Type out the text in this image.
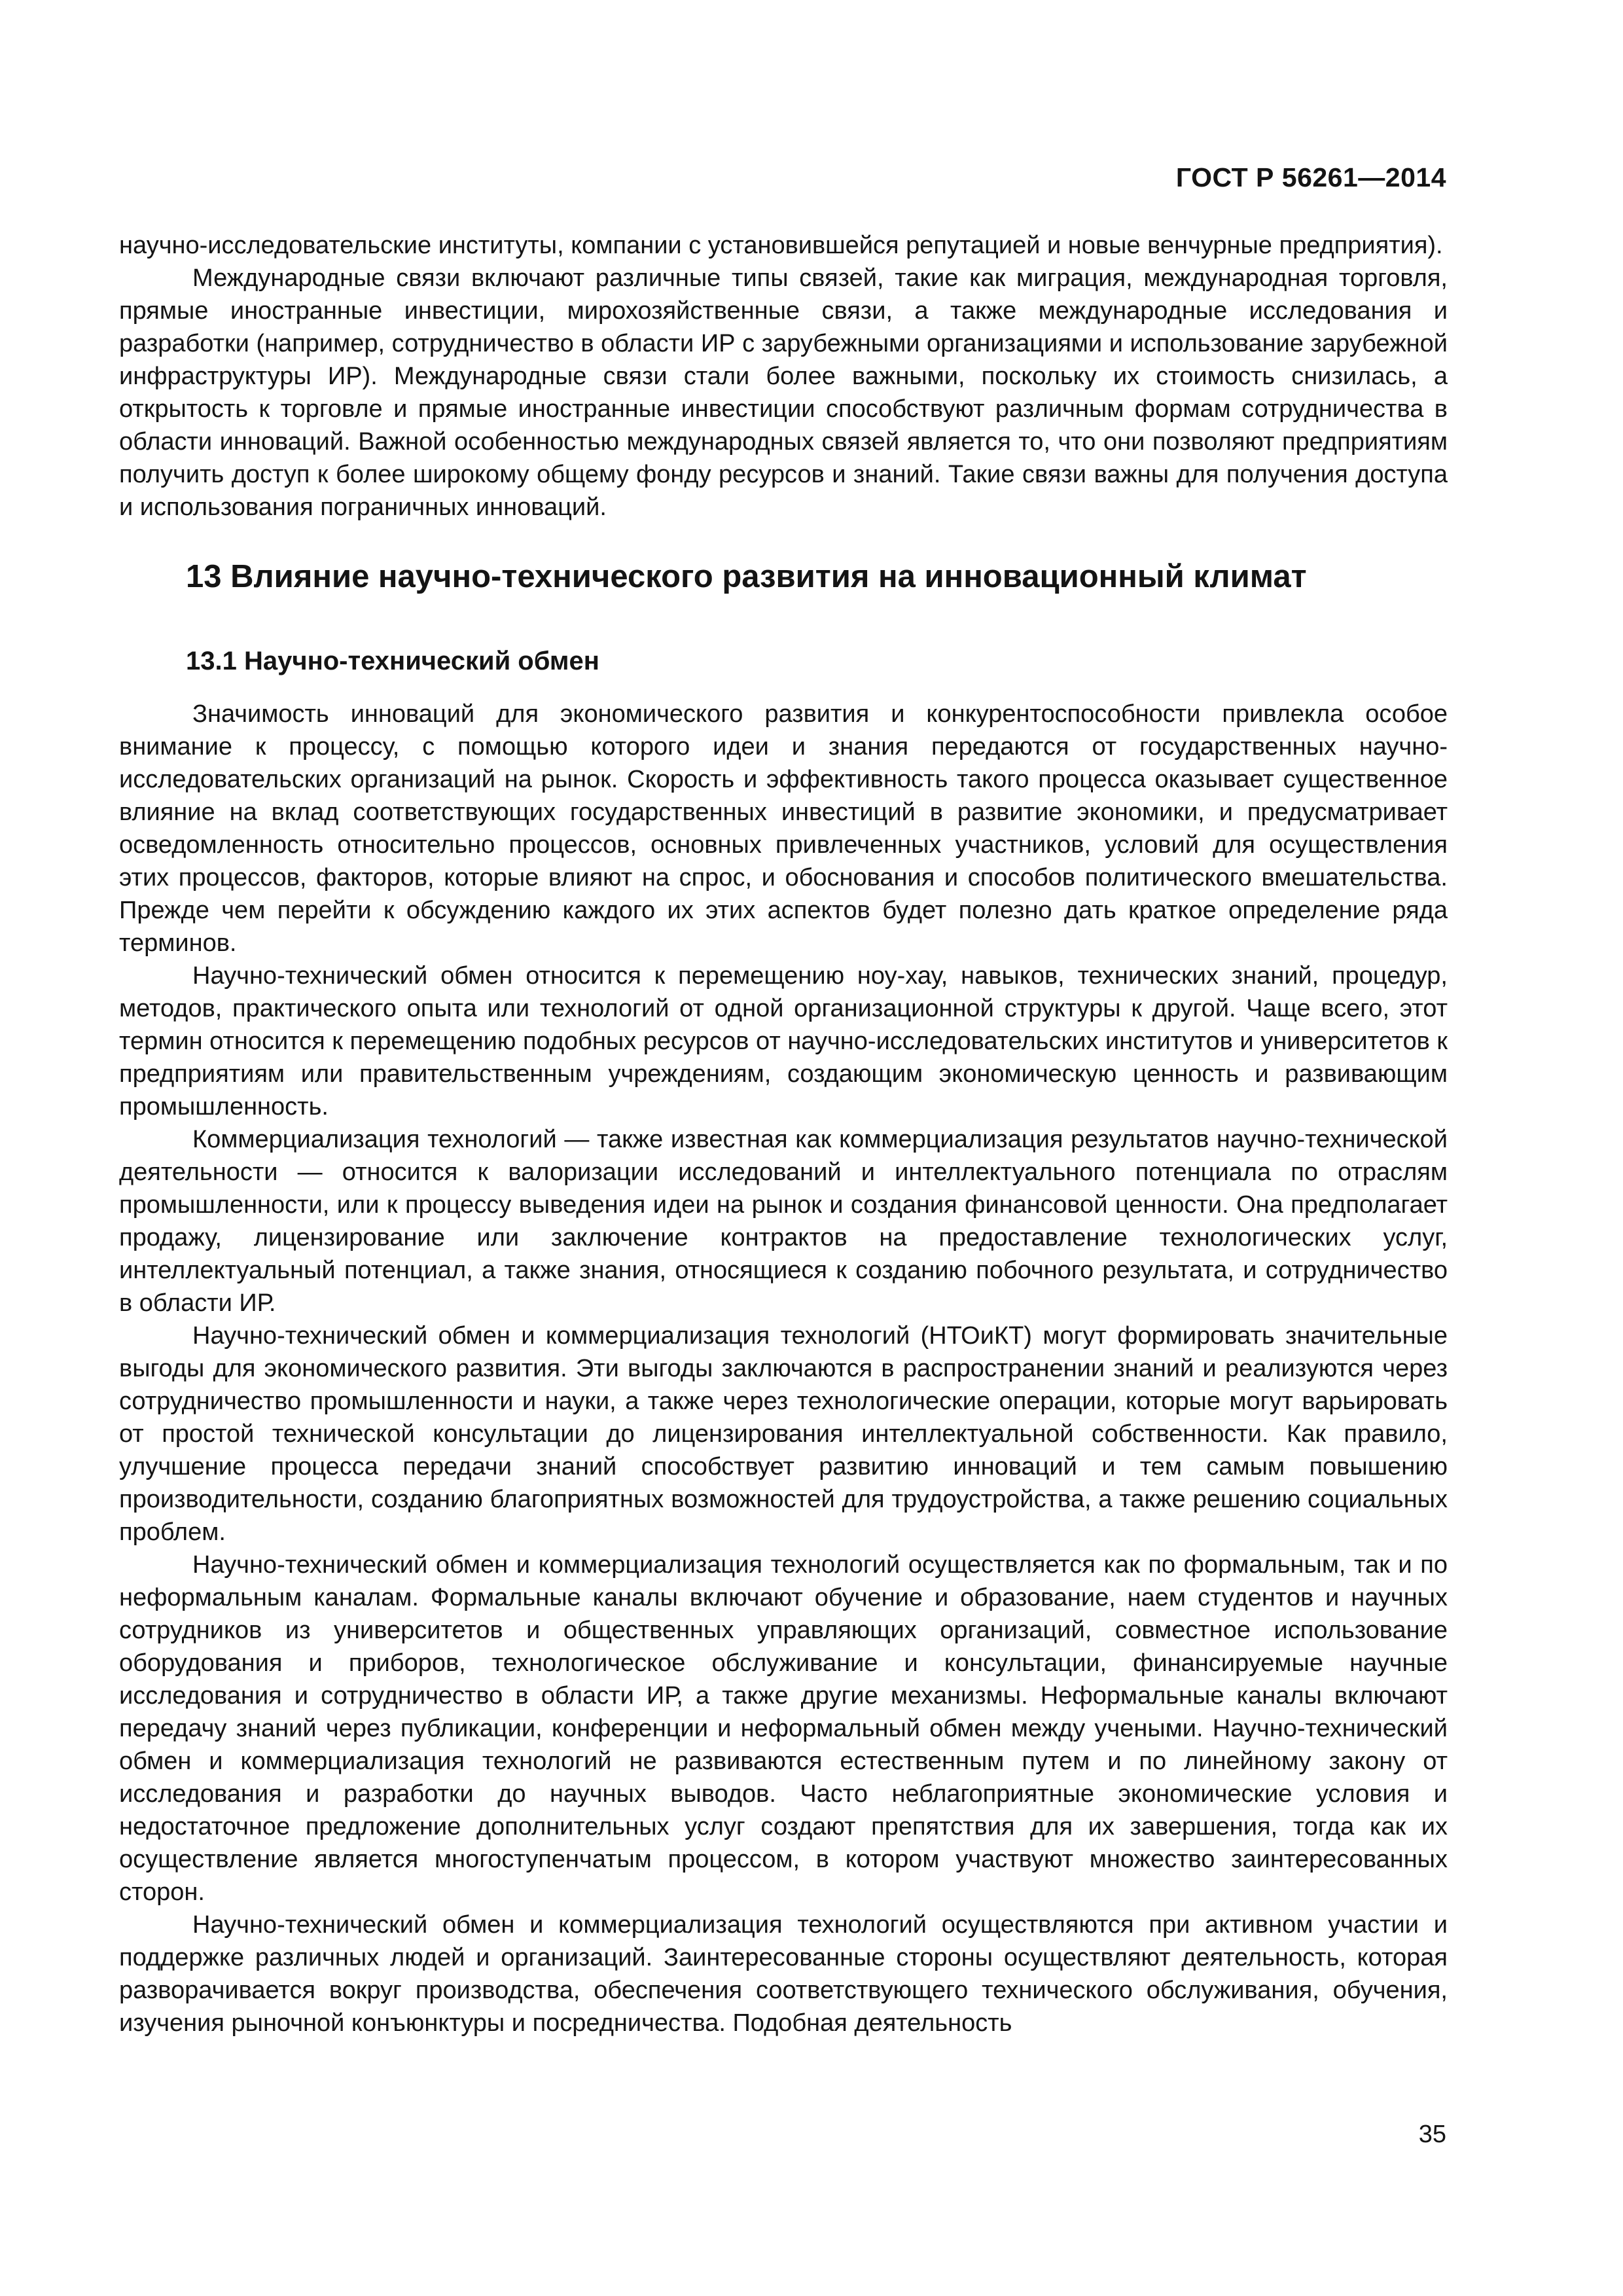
ГОСТ Р 56261—2014

научно-исследовательские институты, компании с установившейся репутацией и новые венчурные предприятия).

Международные связи включают различные типы связей, такие как миграция, международная торговля, прямые иностранные инвестиции, мирохозяйственные связи, а также международные исследования и разработки (например, сотрудничество в области ИР с зарубежными организациями и использование зарубежной инфраструктуры ИР). Международные связи стали более важными, поскольку их стоимость снизилась, а открытость к торговле и прямые иностранные инвестиции способствуют различным формам сотрудничества в области инноваций. Важной особенностью международных связей является то, что они позволяют предприятиям получить доступ к более широкому общему фонду ресурсов и знаний. Такие связи важны для получения доступа и использования пограничных инноваций.

13 Влияние научно-технического развития на инновационный климат
13.1 Научно-технический обмен

Значимость инноваций для экономического развития и конкурентоспособности привлекла особое внимание к процессу, с помощью которого идеи и знания передаются от государственных научно-исследовательских организаций на рынок. Скорость и эффективность такого процесса оказывает существенное влияние на вклад соответствующих государственных инвестиций в развитие экономики, и предусматривает осведомленность относительно процессов, основных привлеченных участников, условий для осуществления этих процессов, факторов, которые влияют на спрос, и обоснования и способов политического вмешательства. Прежде чем перейти к обсуждению каждого их этих аспектов будет полезно дать краткое определение ряда терминов.

Научно-технический обмен относится к перемещению ноу-хау, навыков, технических знаний, процедур, методов, практического опыта или технологий от одной организационной структуры к другой. Чаще всего, этот термин относится к перемещению подобных ресурсов от научно-исследовательских институтов и университетов к предприятиям или правительственным учреждениям, создающим экономическую ценность и развивающим промышленность.

Коммерциализация технологий — также известная как коммерциализация результатов научно-технической деятельности — относится к валоризации исследований и интеллектуального потенциала по отраслям промышленности, или к процессу выведения идеи на рынок и создания финансовой ценности. Она предполагает продажу, лицензирование или заключение контрактов на предоставление технологических услуг, интеллектуальный потенциал, а также знания, относящиеся к созданию побочного результата, и сотрудничество в области ИР.

Научно-технический обмен и коммерциализация технологий (НТОиКТ) могут формировать значительные выгоды для экономического развития. Эти выгоды заключаются в распространении знаний и реализуются через сотрудничество промышленности и науки, а также через технологические операции, которые могут варьировать от простой технической консультации до лицензирования интеллектуальной собственности. Как правило, улучшение процесса передачи знаний способствует развитию инноваций и тем самым повышению производительности, созданию благоприятных возможностей для трудоустройства, а также решению социальных проблем.

Научно-технический обмен и коммерциализация технологий осуществляется как по формальным, так и по неформальным каналам. Формальные каналы включают обучение и образование, наем студентов и научных сотрудников из университетов и общественных управляющих организаций, совместное использование оборудования и приборов, технологическое обслуживание и консультации, финансируемые научные исследования и сотрудничество в области ИР, а также другие механизмы. Неформальные каналы включают передачу знаний через публикации, конференции и неформальный обмен между учеными. Научно-технический обмен и коммерциализация технологий не развиваются естественным путем и по линейному закону от исследования и разработки до научных выводов. Часто неблагоприятные экономические условия и недостаточное предложение дополнительных услуг создают препятствия для их завершения, тогда как их осуществление является многоступенчатым процессом, в котором участвуют множество заинтересованных сторон.

Научно-технический обмен и коммерциализация технологий осуществляются при активном участии и поддержке различных людей и организаций. Заинтересованные стороны осуществляют деятельность, которая разворачивается вокруг производства, обеспечения соответствующего технического обслуживания, обучения, изучения рыночной конъюнктуры и посредничества. Подобная деятельность

35
